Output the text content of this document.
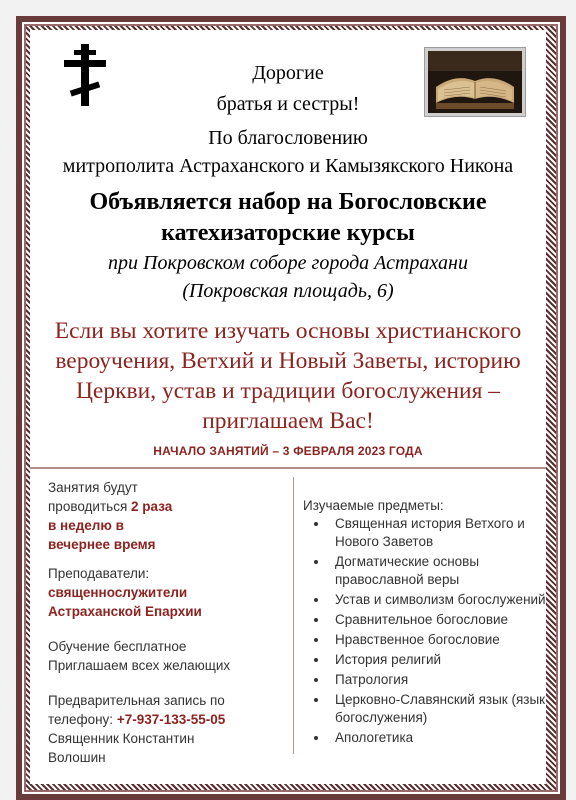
Дорогие
братья и сестры!
По благословению
митрополита Астраханского и Камызякского Никона
Объявляется набор на Богословские
катехизаторские курсы
при Покровском соборе города Астрахани
(Покровская площадь, 6)
Если вы хотите изучать основы христианского
вероучения, Ветхий и Новый Заветы, историю
Церкви, устав и традиции богослужения –
приглашаем Вас!
НАЧАЛО ЗАНЯТИЙ – 3 ФЕВРАЛЯ 2023 ГОДА
Занятия будут
проводиться 2 раза
в неделю в
вечернее время
Преподаватели:
священнослужители
Астраханской Епархии
Обучение бесплатное
Приглашаем всех желающих
Предварительная запись по
телефону: +7-937-133-55-05
Священник Константин
Волошин
Изучаемые предметы:
• Священная история Ветхого и Нового Заветов
• Догматические основы православной веры
• Устав и символизм богослужений
• Сравнительное богословие
• Нравственное богословие
• История религий
• Патрология
• Церковно-Славянский язык (язык богослужения)
• Апологетика
